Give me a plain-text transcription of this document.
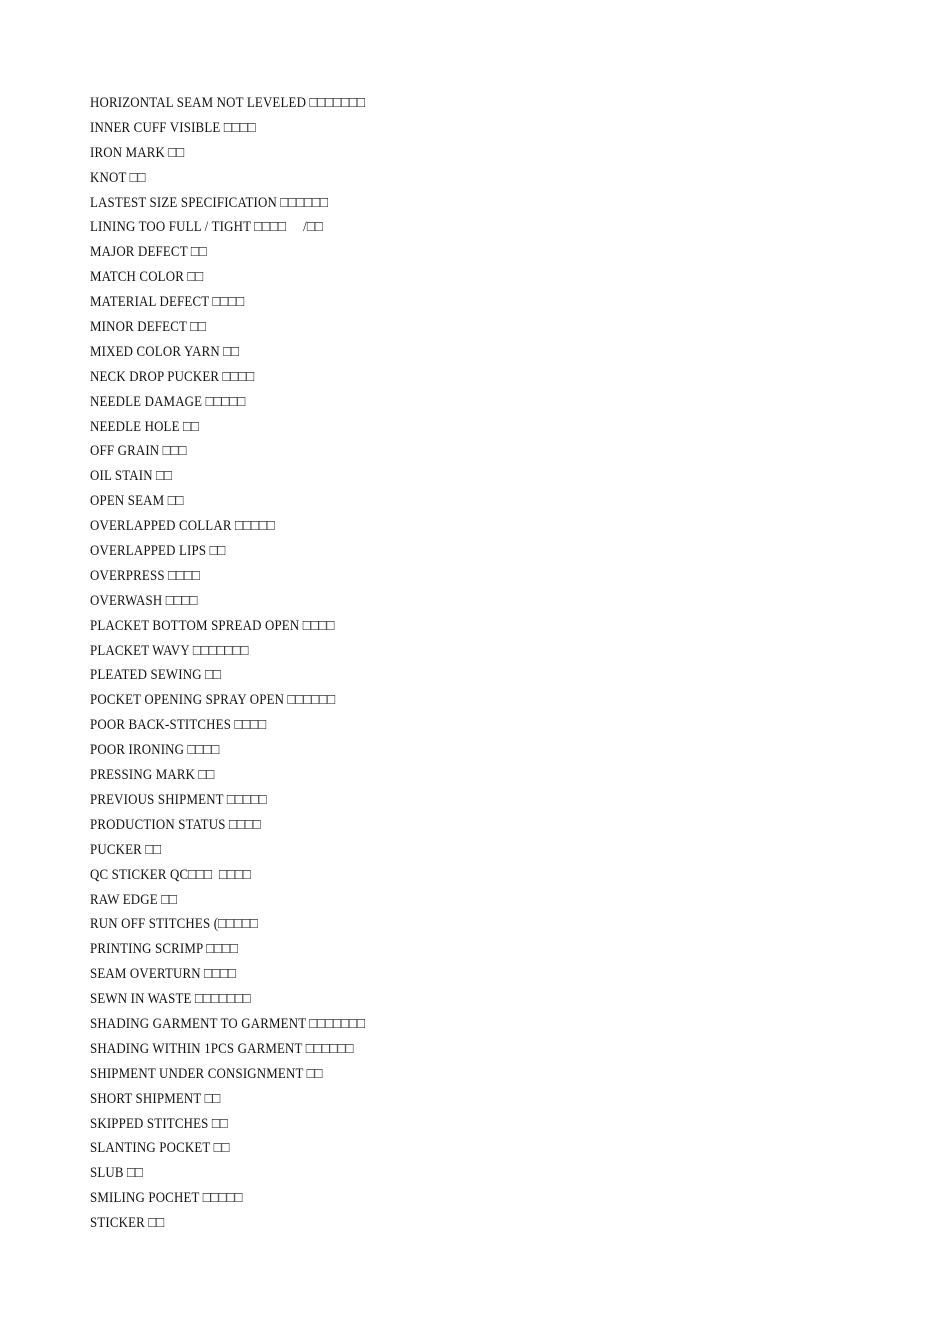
HORIZONTAL SEAM NOT LEVELED □□□□□□□
INNER CUFF VISIBLE □□□□
IRON MARK □□
KNOT □□
LASTEST SIZE SPECIFICATION □□□□□□
LINING TOO FULL / TIGHT □□□□     /□□
MAJOR DEFECT □□
MATCH COLOR □□
MATERIAL DEFECT □□□□
MINOR DEFECT □□
MIXED COLOR YARN □□
NECK DROP PUCKER □□□□
NEEDLE DAMAGE □□□□□
NEEDLE HOLE □□
OFF GRAIN □□□
OIL STAIN □□
OPEN SEAM □□
OVERLAPPED COLLAR □□□□□
OVERLAPPED LIPS □□
OVERPRESS □□□□
OVERWASH □□□□
PLACKET BOTTOM SPREAD OPEN □□□□
PLACKET WAVY □□□□□□□
PLEATED SEWING □□
POCKET OPENING SPRAY OPEN □□□□□□
POOR BACK-STITCHES □□□□
POOR IRONING □□□□
PRESSING MARK □□
PREVIOUS SHIPMENT □□□□□
PRODUCTION STATUS □□□□
PUCKER □□
QC STICKER QC□□□  □□□□
RAW EDGE □□
RUN OFF STITCHES (□□□□□
PRINTING SCRIMP □□□□
SEAM OVERTURN □□□□
SEWN IN WASTE □□□□□□□
SHADING GARMENT TO GARMENT □□□□□□□
SHADING WITHIN 1PCS GARMENT □□□□□□
SHIPMENT UNDER CONSIGNMENT □□
SHORT SHIPMENT □□
SKIPPED STITCHES □□
SLANTING POCKET □□
SLUB □□
SMILING POCHET □□□□□
STICKER □□
